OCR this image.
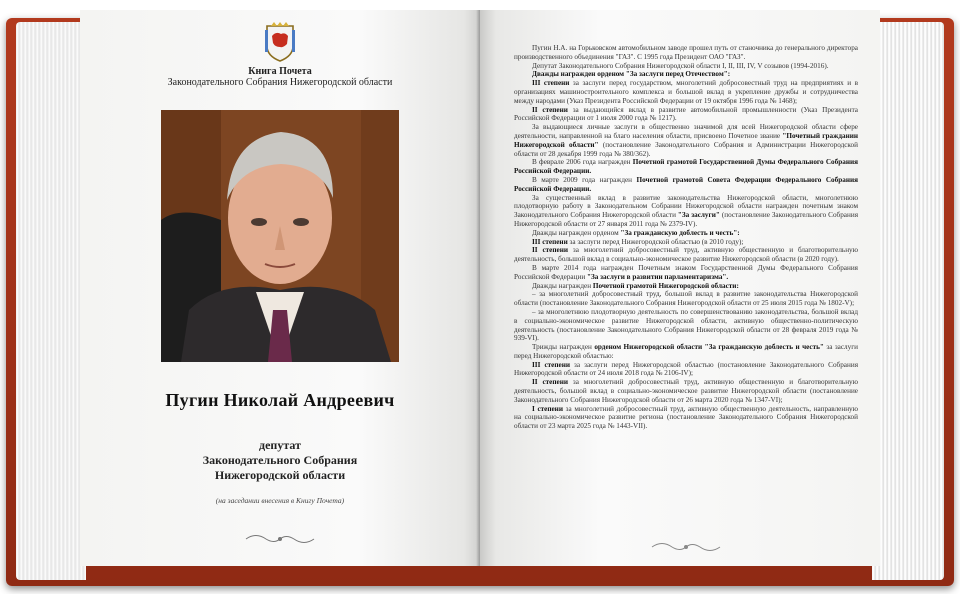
Книга Почета
Законодательного Собрания Нижегородской области
Пугин Николай Андреевич
депутат
Законодательного Собрания
Нижегородской области
(на заседании внесения в Книгу Почета)

Пугин Н.А. на Горьковском автомобильном заводе прошел путь от станочника до генерального директора производственного объединения "ГАЗ". С 1995 года Президент ОАО "ГАЗ".

Депутат Законодательного Собрания Нижегородской области I, II, III, IV, V созывов (1994-2016).

Дважды награжден орденом "За заслуги перед Отечеством":

III степени за заслуги перед государством, многолетний добросовестный труд на предприятиях и в организациях машиностроительного комплекса и большой вклад в укрепление дружбы и сотрудничества между народами (Указ Президента Российской Федерации от 19 октября 1996 года № 1468);

II степени за выдающийся вклад в развитие автомобильной промышленности (Указ Президента Российской Федерации от 1 июля 2000 года № 1217).

За выдающиеся личные заслуги в общественно значимой для всей Нижегородской области сфере деятельности, направленной на благо населения области, присвоено Почетное звание "Почетный гражданин Нижегородской области" (постановление Законодательного Собрания и Администрации Нижегородской области от 28 декабря 1999 года № 380/362).

В феврале 2006 года награжден Почетной грамотой Государственной Думы Федерального Собрания Российской Федерации.

В марте 2009 года награжден Почетной грамотой Совета Федерации Федерального Собрания Российской Федерации.

За существенный вклад в развитие законодательства Нижегородской области, многолетнюю плодотворную работу в Законодательном Собрании Нижегородской области награжден почетным знаком Законодательного Собрания Нижегородской области "За заслуги" (постановление Законодательного Собрания Нижегородской области от 27 января 2011 года № 2379-IV).

Дважды награжден орденом "За гражданскую доблесть и честь":

III степени за заслуги перед Нижегородской областью (в 2010 году);

II степени за многолетний добросовестный труд, активную общественную и благотворительную деятельность, большой вклад в социально-экономическое развитие Нижегородской области (в 2020 году).

В марте 2014 года награжден Почетным знаком Государственной Думы Федерального Собрания Российской Федерации "За заслуги в развитии парламентаризма".

Дважды награжден Почетной грамотой Нижегородской области:

– за многолетний добросовестный труд, большой вклад в развитие законодательства Нижегородской области (постановление Законодательного Собрания Нижегородской области от 25 июля 2015 года № 1802-V);

– за многолетнюю плодотворную деятельность по совершенствованию законодательства, большой вклад в социально-экономическое развитие Нижегородской области, активную общественно-политическую деятельность (постановление Законодательного Собрания Нижегородской области от 28 февраля 2019 года № 939-VI).

Трижды награжден орденом Нижегородской области "За гражданскую доблесть и честь" за заслуги перед Нижегородской областью:

III степени за заслуги перед Нижегородской областью (постановление Законодательного Собрания Нижегородской области от 24 июля 2018 года № 2106-IV);

II степени за многолетний добросовестный труд, активную общественную и благотворительную деятельность, большой вклад в социально-экономическое развитие Нижегородской области (постановление Законодательного Собрания Нижегородской области от 26 марта 2020 года № 1347-VI);

I степени за многолетний добросовестный труд, активную общественную деятельность, направленную на социально-экономическое развитие региона (постановление Законодательного Собрания Нижегородской области от 23 марта 2025 года № 1443-VII).
